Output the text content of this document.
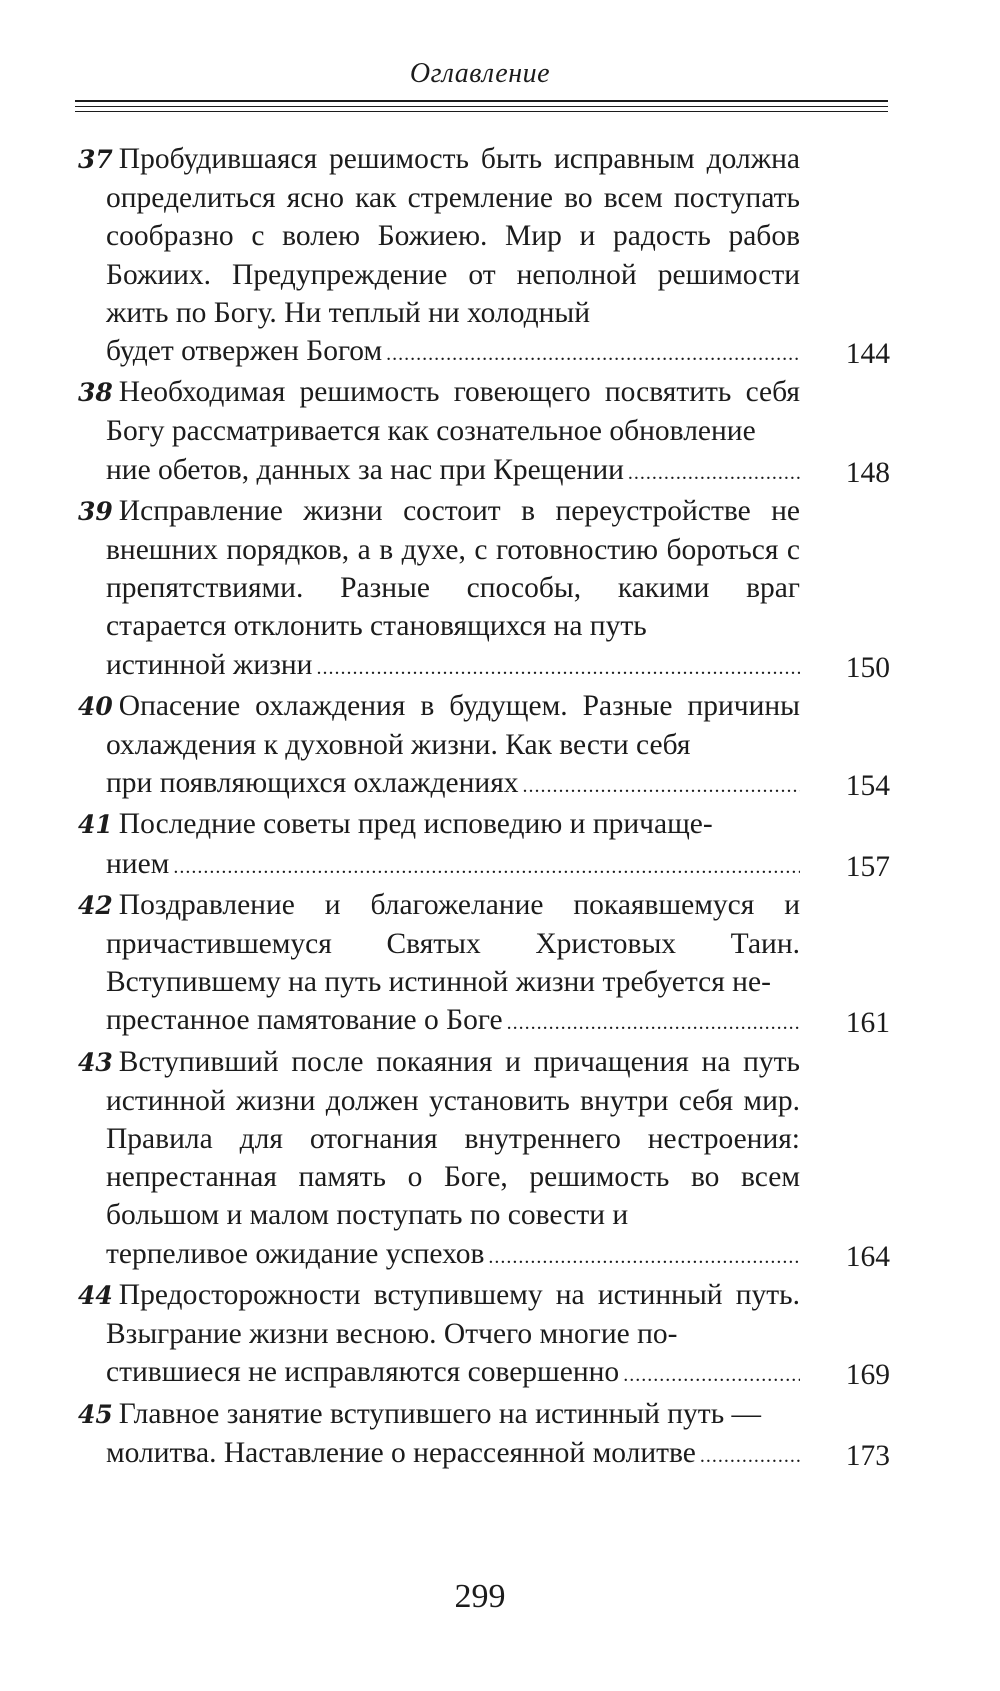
Оглавление

37 Пробудившаяся решимость быть исправным должна определиться ясно как стремление во всем поступать сообразно с волею Божиею. Мир и радость рабов Божиих. Предупреждение от неполной решимости жить по Богу. Ни теплый ни холодный

будет отвержен Богом .....	144

38 Необходимая решимость говеющего посвятить себя Богу рассматривается как сознательное обновление

ние обетов, данных за нас при Крещении .....	148

39 Исправление жизни состоит в переустройстве не внешних порядков, а в духе, с готовностию бороться с препятствиями. Разные способы, какими враг старается отклонить становящихся на путь

истинной жизни .....	150

40 Опасение охлаждения в будущем. Разные причины охлаждения к духовной жизни. Как вести себя

при появляющихся охлаждениях .....	154

41 Последние советы пред исповедию и причаще-

нием .....	157

42 Поздравление и благожелание покаявшемуся и причастившемуся Святых Христовых Таин. Вступившему на путь истинной жизни требуется не-

престанное памятование о Боге .....	161

43 Вступивший после покаяния и причащения на путь истинной жизни должен установить внутри себя мир. Правила для отогнания внутреннего нестроения: непрестанная память о Боге, решимость во всем большом и малом поступать по совести и

терпеливое ожидание успехов .....	164

44 Предосторожности вступившему на истинный путь. Взыграние жизни весною. Отчего многие по-

стившиеся не исправляются совершенно .....	169

45 Главное занятие вступившего на истинный путь —

молитва. Наставление о нерассеянной молитве .....	173
299
